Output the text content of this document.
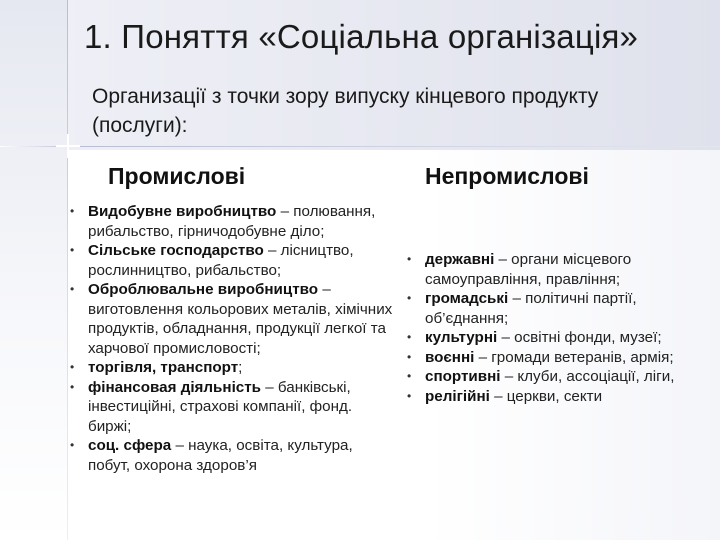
1. Поняття «Соціальна організація»
Организації з точки зору випуску кінцевого продукту (послуги):
Промислові	Непромислові
• Видобувне виробництво – полювання, рибальство, гірничодобувне діло;
• Сільське господарство – лісництво, рослинництво, рибальство;
• Оброблювальне виробництво – виготовлення кольорових металів, хімічних продуктів, обладнання, продукції легкої та харчової промисловості;
• торгівля, транспорт;
• фінансовая діяльність – банківські, інвестиційні, страхові компанії, фонд. биржі;
• соц. сфера – наука, освіта, культура, побут, охорона здоров’я
• державні – органи місцевого самоуправління, правління;
• громадські – політичні партії, об’єднання;
• культурні – освітні фонди, музеї;
• воєнні – громади ветеранів, армія;
• спортивні – клуби, ассоціації, ліги,
• релігійні – церкви, секти
